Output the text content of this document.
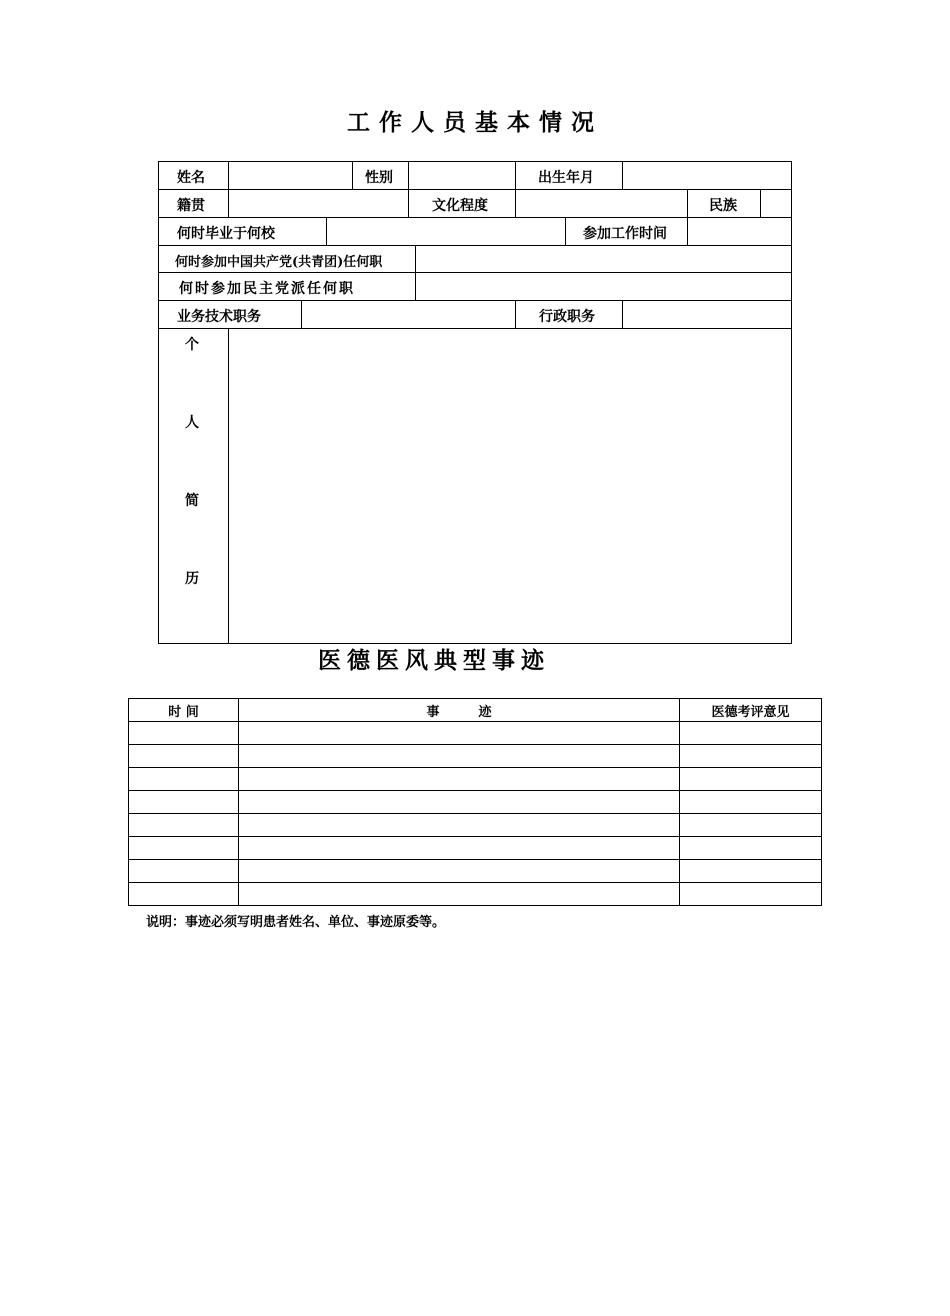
工作人员基本情况
姓名	性别	出生年月
籍贯	文化程度	民族
何时毕业于何校	参加工作时间
何时参加中国共产党(共青团)任何职
何时参加民主党派任何职
业务技术职务	行政职务
个
人
简
历
医德医风典型事迹
时 间	事　　　迹	医德考评意见

说明：事迹必须写明患者姓名、单位、事迹原委等。
